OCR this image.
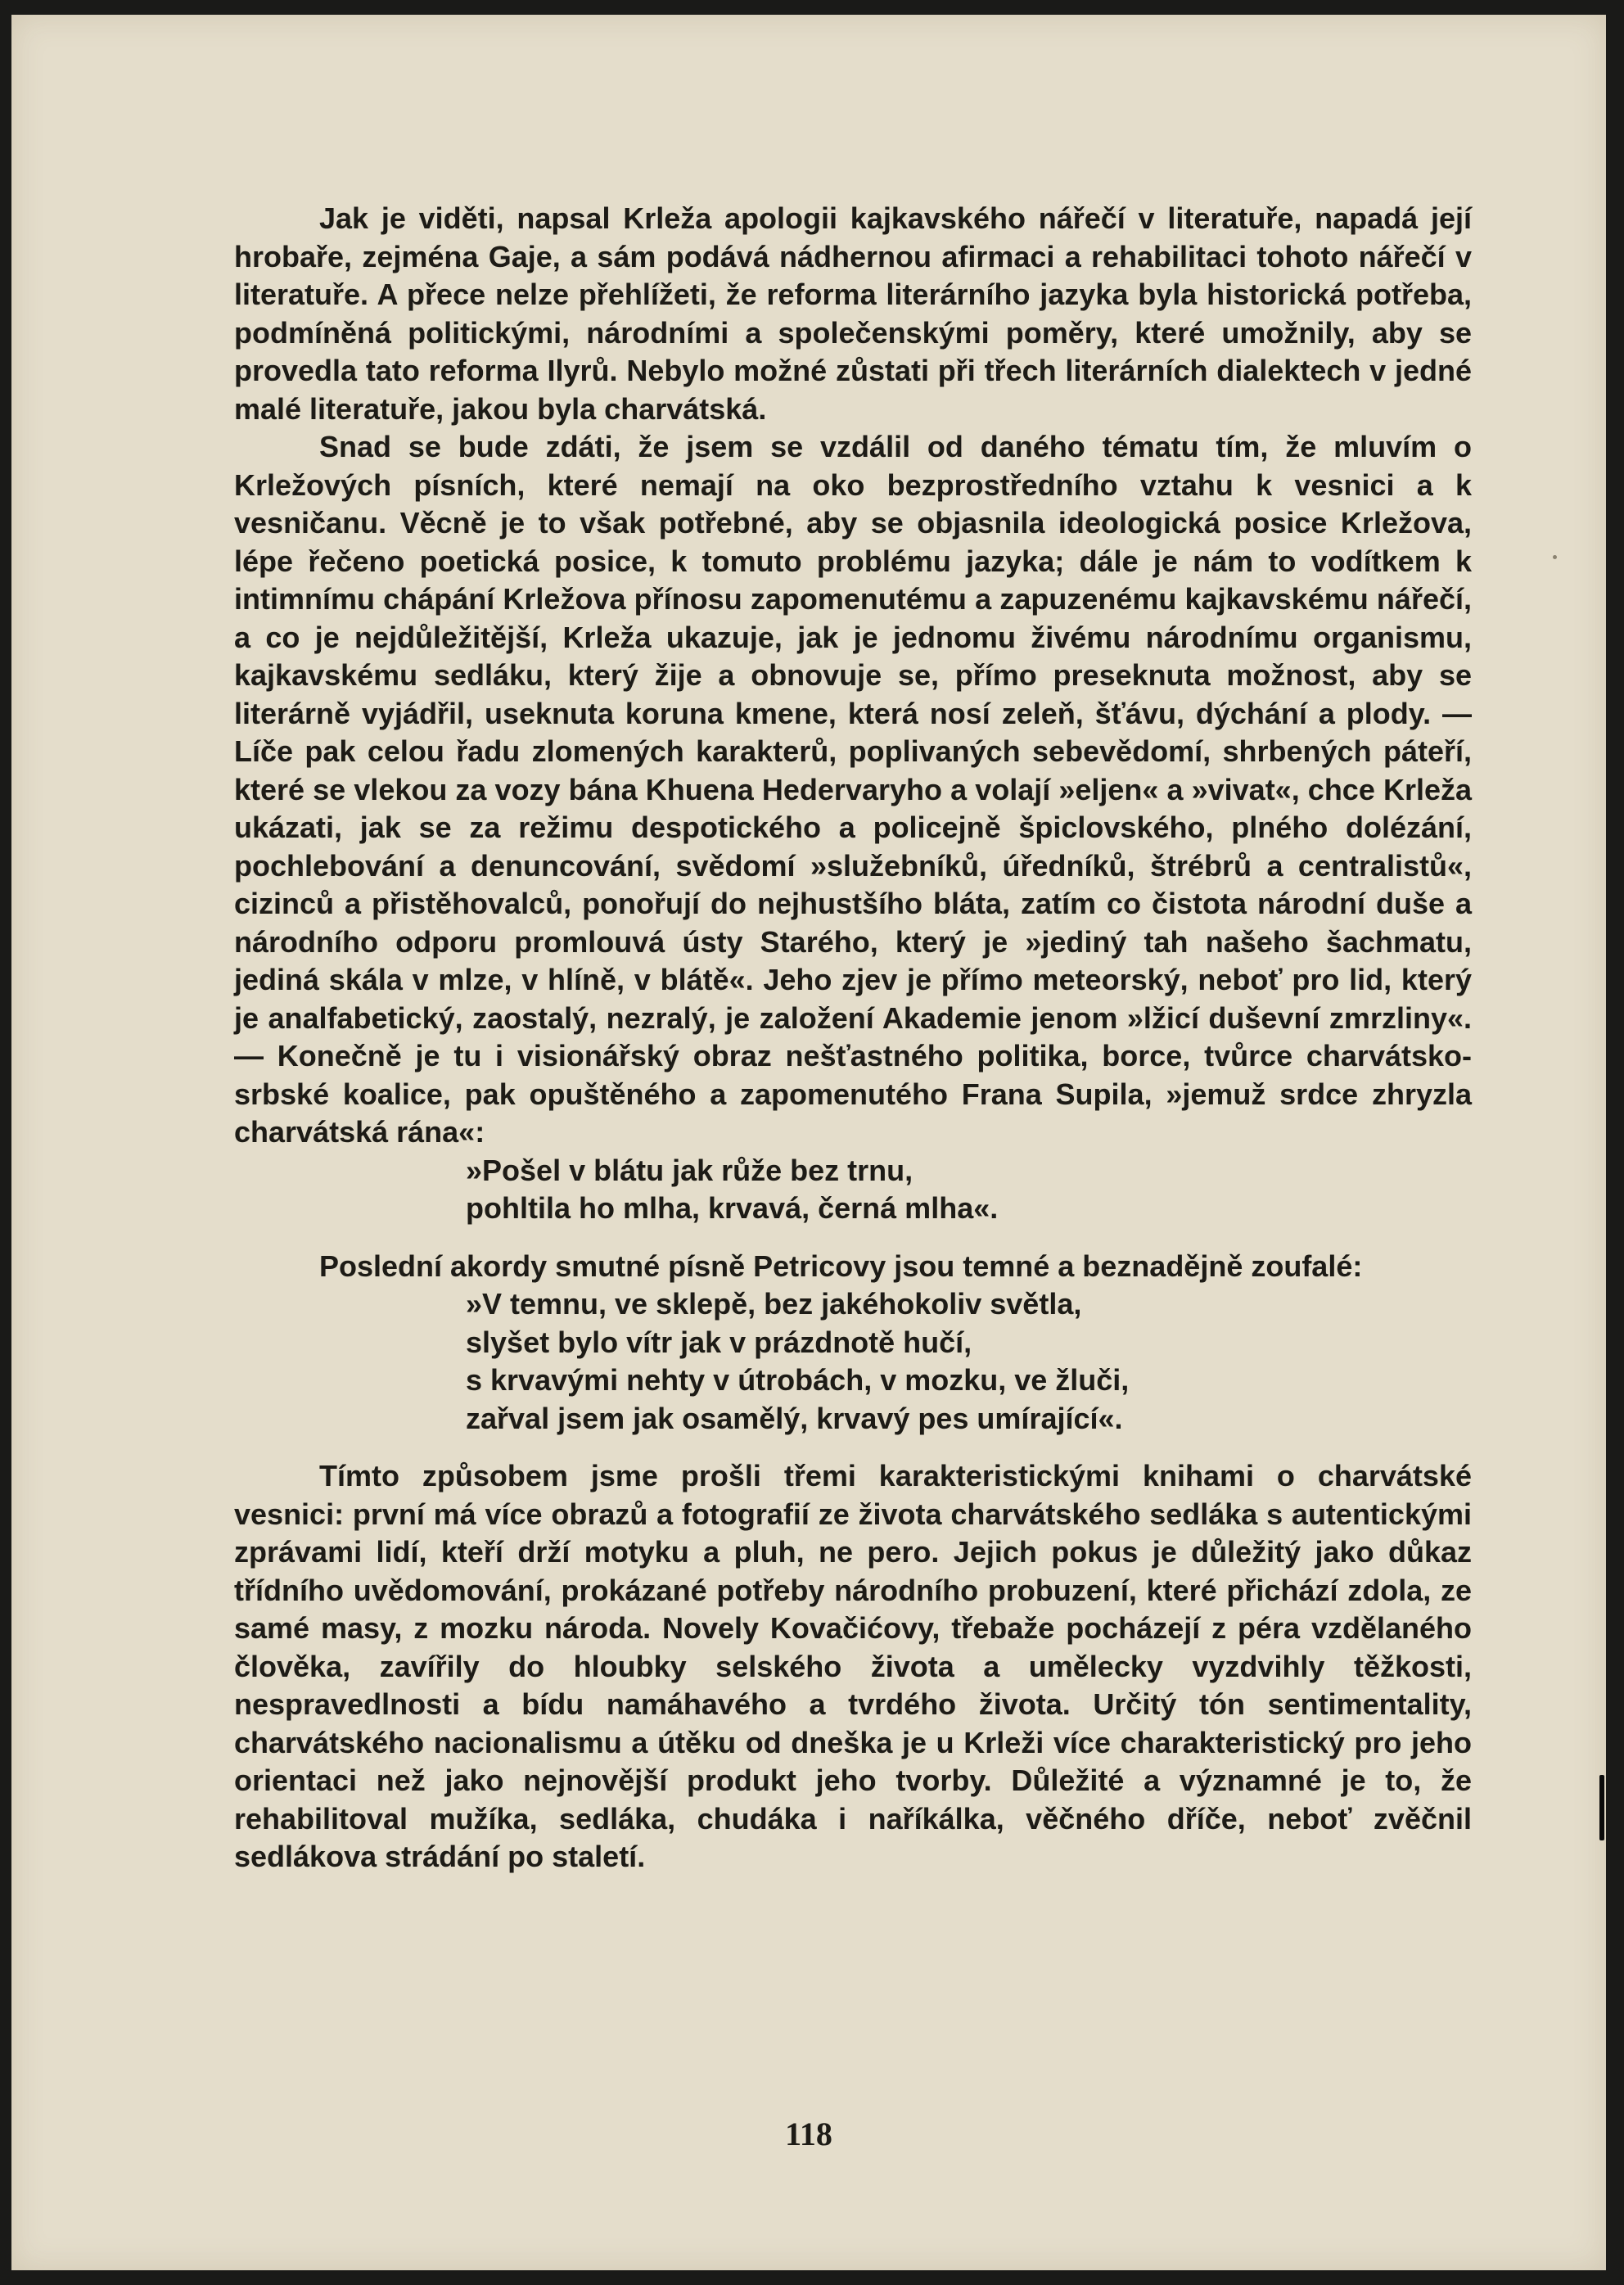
Jak je viděti, napsal Krleža apologii kajkavského nářečí v literatuře, napadá její hrobaře, zejména Gaje, a sám podává nádhernou afirmaci a rehabilitaci tohoto nářečí v literatuře. A přece nelze přehlížeti, že reforma literárního jazyka byla historická potřeba, podmíněná politickými, národními a společenskými poměry, které umožnily, aby se provedla tato reforma Ilyrů. Nebylo možné zůstati při třech literárních dialektech v jedné malé literatuře, jakou byla charvátská.

Snad se bude zdáti, že jsem se vzdálil od daného tématu tím, že mluvím o Krležových písních, které nemají na oko bezprostředního vztahu k vesnici a k vesničanu. Věcně je to však potřebné, aby se objasnila ideologická posice Krležova, lépe řečeno poetická posice, k tomuto problému jazyka; dále je nám to vodítkem k intimnímu chápání Krležova přínosu zapomenutému a zapuzenému kajkavskému nářečí, a co je nejdůležitější, Krleža ukazuje, jak je jednomu živému národnímu organismu, kajkavskému sedláku, který žije a obnovuje se, přímo preseknuta možnost, aby se literárně vyjádřil, useknuta koruna kmene, která nosí zeleň, šťávu, dýchání a plody. — Líče pak celou řadu zlomených karakterů, poplivaných sebevědomí, shrbených páteří, které se vlekou za vozy bána Khuena Hedervaryho a volají »eljen« a »vivat«, chce Krleža ukázati, jak se za režimu despotického a policejně špiclovského, plného dolézání, pochlebování a denuncování, svědomí »služebníků, úředníků, štrébrů a centralistů«, cizinců a přistěhovalců, ponořují do nejhustšího bláta, zatím co čistota národní duše a národního odporu promlouvá ústy Starého, který je »jediný tah našeho šachmatu, jediná skála v mlze, v hlíně, v blátě«. Jeho zjev je přímo meteorský, neboť pro lid, který je analfabetický, zaostalý, nezralý, je založení Akademie jenom »lžicí duševní zmrzliny«. — Konečně je tu i visionářský obraz nešťastného politika, borce, tvůrce charvátsko-srbské koalice, pak opuštěného a zapomenutého Frana Supila, »jemuž srdce zhryzla charvátská rána«:

»Pošel v blátu jak růže bez trnu,
pohltila ho mlha, krvavá, černá mlha«.

Poslední akordy smutné písně Petricovy jsou temné a beznadějně zoufalé:

»V temnu, ve sklepě, bez jakéhokoliv světla,
slyšet bylo vítr jak v prázdnotě hučí,
s krvavými nehty v útrobách, v mozku, ve žluči,
zařval jsem jak osamělý, krvavý pes umírající«.

Tímto způsobem jsme prošli třemi karakteristickými knihami o charvátské vesnici: první má více obrazů a fotografií ze života charvátského sedláka s autentickými zprávami lidí, kteří drží motyku a pluh, ne pero. Jejich pokus je důležitý jako důkaz třídního uvědomování, prokázané potřeby národního probuzení, které přichází zdola, ze samé masy, z mozku národa. Novely Kovačićovy, třebaže pocházejí z péra vzdělaného člověka, zavířily do hloubky selského života a umělecky vyzdvihly těžkosti, nespravedlnosti a bídu namáhavého a tvrdého života. Určitý tón sentimentality, charvátského nacionalismu a útěku od dneška je u Krleži více charakteristický pro jeho orientaci než jako nejnovější produkt jeho tvorby. Důležité a významné je to, že rehabilitoval mužíka, sedláka, chudáka i naříkálka, věčného dříče, neboť zvěčnil sedlákova strádání po staletí.

118
